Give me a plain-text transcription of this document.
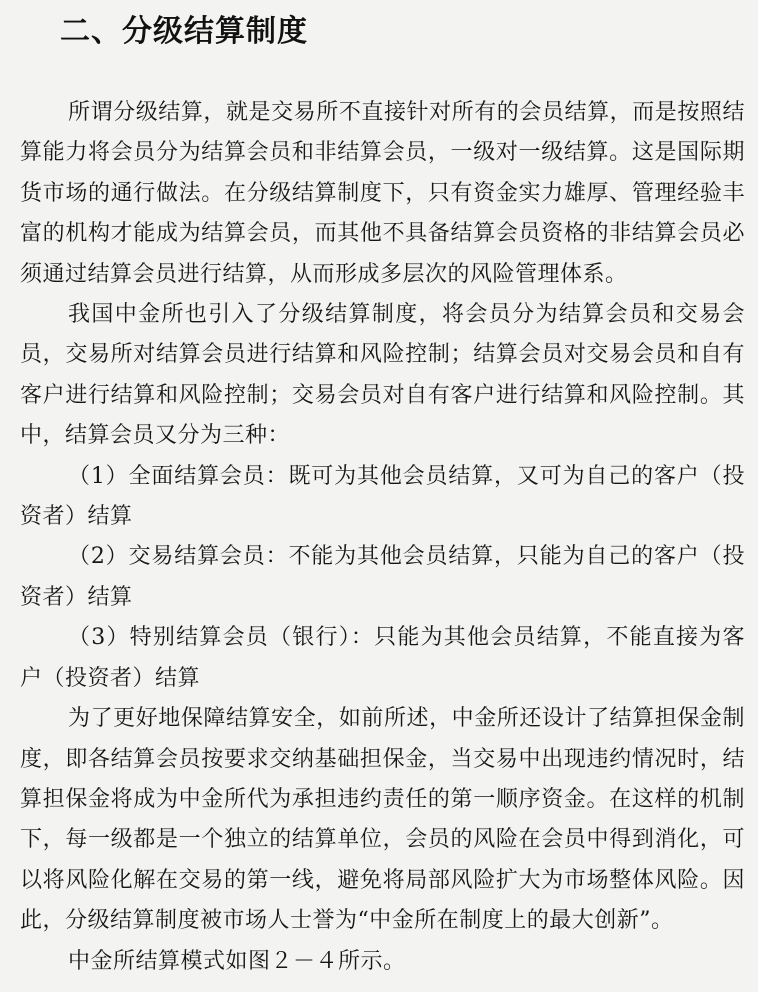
二、分级结算制度

所谓分级结算，就是交易所不直接针对所有的会员结算，而是按照结算能力将会员分为结算会员和非结算会员，一级对一级结算。这是国际期货市场的通行做法。在分级结算制度下，只有资金实力雄厚、管理经验丰富的机构才能成为结算会员，而其他不具备结算会员资格的非结算会员必须通过结算会员进行结算，从而形成多层次的风险管理体系。

我国中金所也引入了分级结算制度，将会员分为结算会员和交易会员，交易所对结算会员进行结算和风险控制；结算会员对交易会员和自有客户进行结算和风险控制；交易会员对自有客户进行结算和风险控制。其中，结算会员又分为三种：

（1）全面结算会员：既可为其他会员结算，又可为自己的客户（投资者）结算

（2）交易结算会员：不能为其他会员结算，只能为自己的客户（投资者）结算

（3）特别结算会员（银行）：只能为其他会员结算，不能直接为客户（投资者）结算

为了更好地保障结算安全，如前所述，中金所还设计了结算担保金制度，即各结算会员按要求交纳基础担保金，当交易中出现违约情况时，结算担保金将成为中金所代为承担违约责任的第一顺序资金。在这样的机制下，每一级都是一个独立的结算单位，会员的风险在会员中得到消化，可以将风险化解在交易的第一线，避免将局部风险扩大为市场整体风险。因此，分级结算制度被市场人士誉为“中金所在制度上的最大创新”。

中金所结算模式如图２－４所示。
